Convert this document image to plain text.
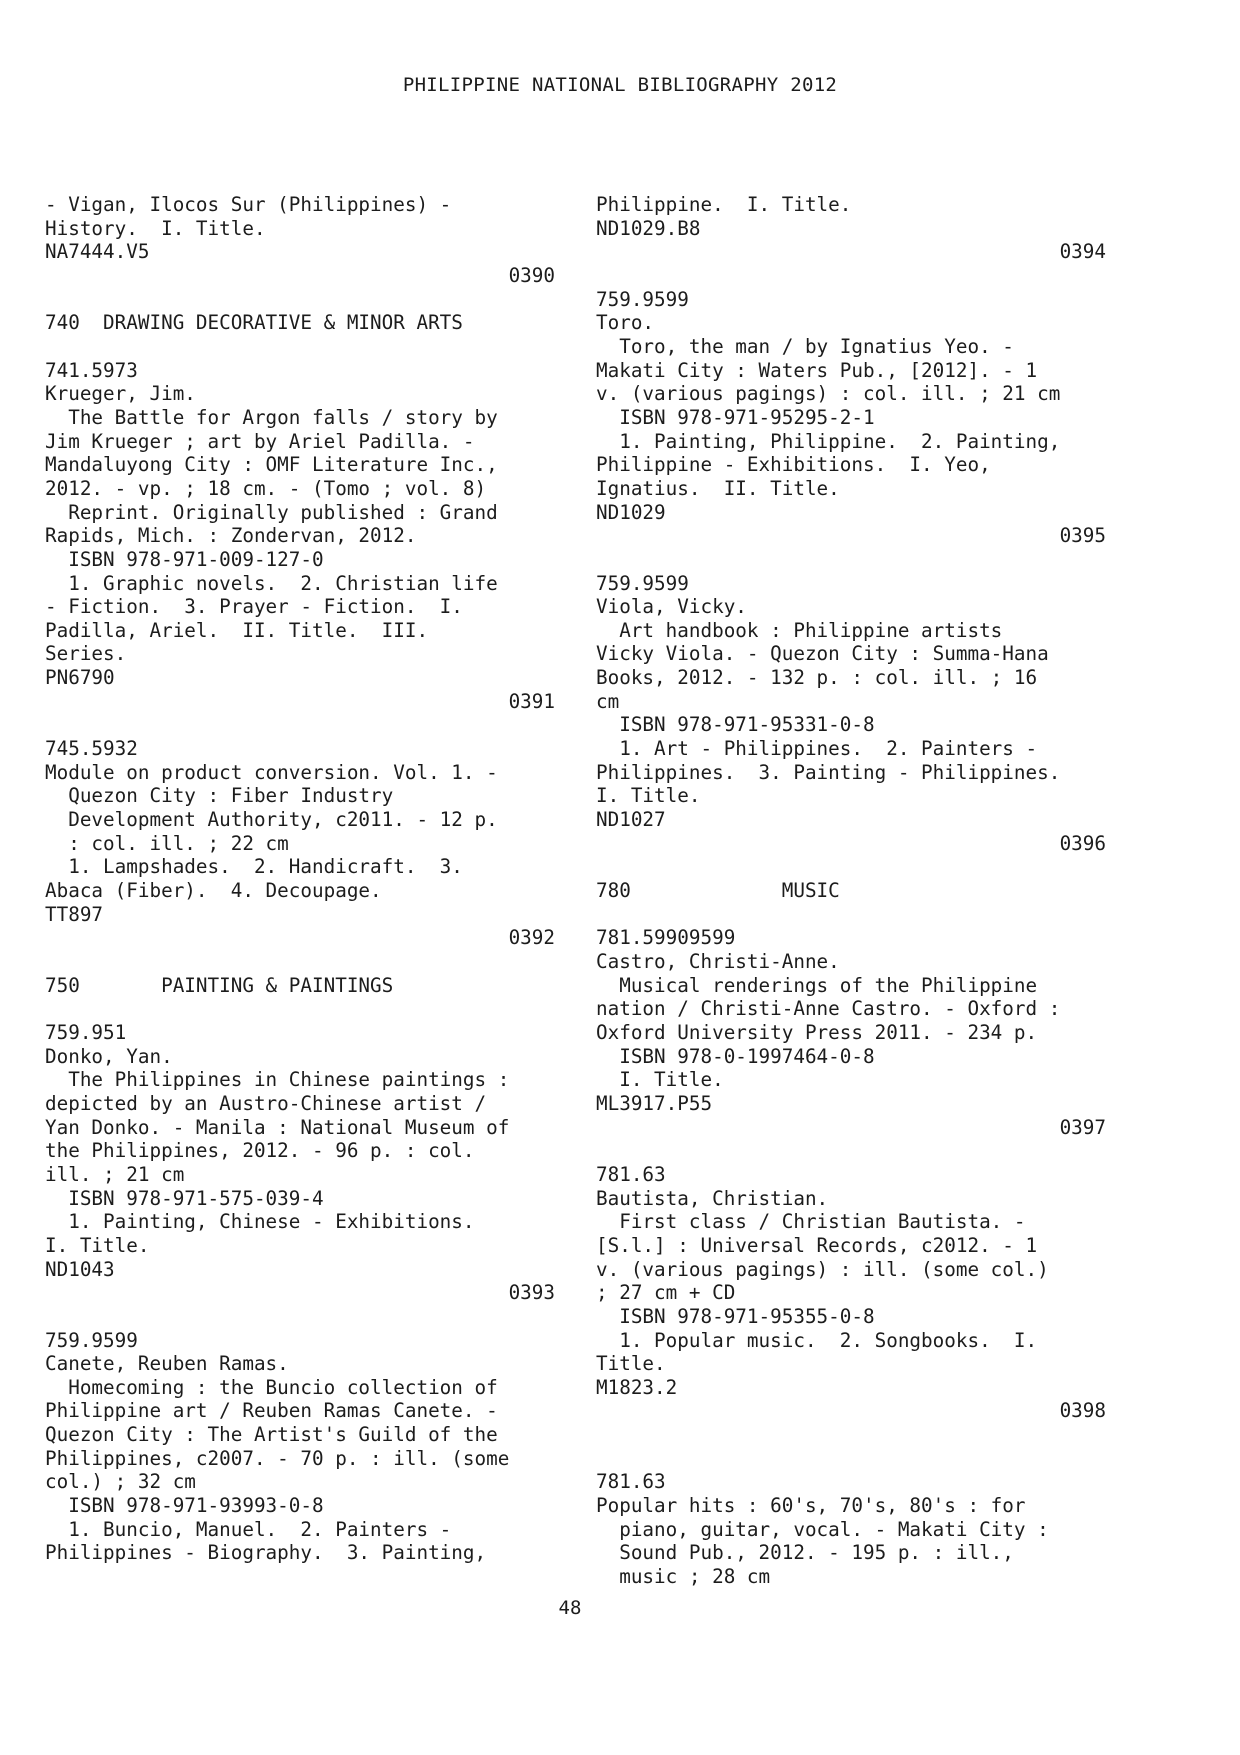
PHILIPPINE NATIONAL BIBLIOGRAPHY 2012
- Vigan, Ilocos Sur (Philippines) -
History.  I. Title.
NA7444.V5
0390
740  DRAWING DECORATIVE & MINOR ARTS
741.5973
Krueger, Jim.
The Battle for Argon falls / story by
Jim Krueger ; art by Ariel Padilla. -
Mandaluyong City : OMF Literature Inc.,
2012. - vp. ; 18 cm. - (Tomo ; vol. 8)
Reprint. Originally published : Grand
Rapids, Mich. : Zondervan, 2012.
ISBN 978-971-009-127-0
1. Graphic novels.  2. Christian life
- Fiction.  3. Prayer - Fiction.  I.
Padilla, Ariel.  II. Title.  III.
Series.
PN6790
0391
745.5932
Module on product conversion. Vol. 1. -
Quezon City : Fiber Industry
Development Authority, c2011. - 12 p.
: col. ill. ; 22 cm
1. Lampshades.  2. Handicraft.  3.
Abaca (Fiber).  4. Decoupage.
TT897
0392
750       PAINTING & PAINTINGS
759.951
Donko, Yan.
The Philippines in Chinese paintings :
depicted by an Austro-Chinese artist /
Yan Donko. - Manila : National Museum of
the Philippines, 2012. - 96 p. : col.
ill. ; 21 cm
ISBN 978-971-575-039-4
1. Painting, Chinese - Exhibitions.
I. Title.
ND1043
0393
759.9599
Canete, Reuben Ramas.
Homecoming : the Buncio collection of
Philippine art / Reuben Ramas Canete. -
Quezon City : The Artist's Guild of the
Philippines, c2007. - 70 p. : ill. (some
col.) ; 32 cm
ISBN 978-971-93993-0-8
1. Buncio, Manuel.  2. Painters -
Philippines - Biography.  3. Painting,
Philippine.  I. Title.
ND1029.B8
0394
759.9599
Toro.
Toro, the man / by Ignatius Yeo. -
Makati City : Waters Pub., [2012]. - 1
v. (various pagings) : col. ill. ; 21 cm
ISBN 978-971-95295-2-1
1. Painting, Philippine.  2. Painting,
Philippine - Exhibitions.  I. Yeo,
Ignatius.  II. Title.
ND1029
0395
759.9599
Viola, Vicky.
Art handbook : Philippine artists
Vicky Viola. - Quezon City : Summa-Hana
Books, 2012. - 132 p. : col. ill. ; 16
cm
ISBN 978-971-95331-0-8
1. Art - Philippines.  2. Painters -
Philippines.  3. Painting - Philippines.
I. Title.
ND1027
0396
780             MUSIC
781.59909599
Castro, Christi-Anne.
Musical renderings of the Philippine
nation / Christi-Anne Castro. - Oxford :
Oxford University Press 2011. - 234 p.
ISBN 978-0-1997464-0-8
I. Title.
ML3917.P55
0397
781.63
Bautista, Christian.
First class / Christian Bautista. -
[S.l.] : Universal Records, c2012. - 1
v. (various pagings) : ill. (some col.)
; 27 cm + CD
ISBN 978-971-95355-0-8
1. Popular music.  2. Songbooks.  I.
Title.
M1823.2
0398
781.63
Popular hits : 60's, 70's, 80's : for
piano, guitar, vocal. - Makati City :
Sound Pub., 2012. - 195 p. : ill.,
music ; 28 cm
48
